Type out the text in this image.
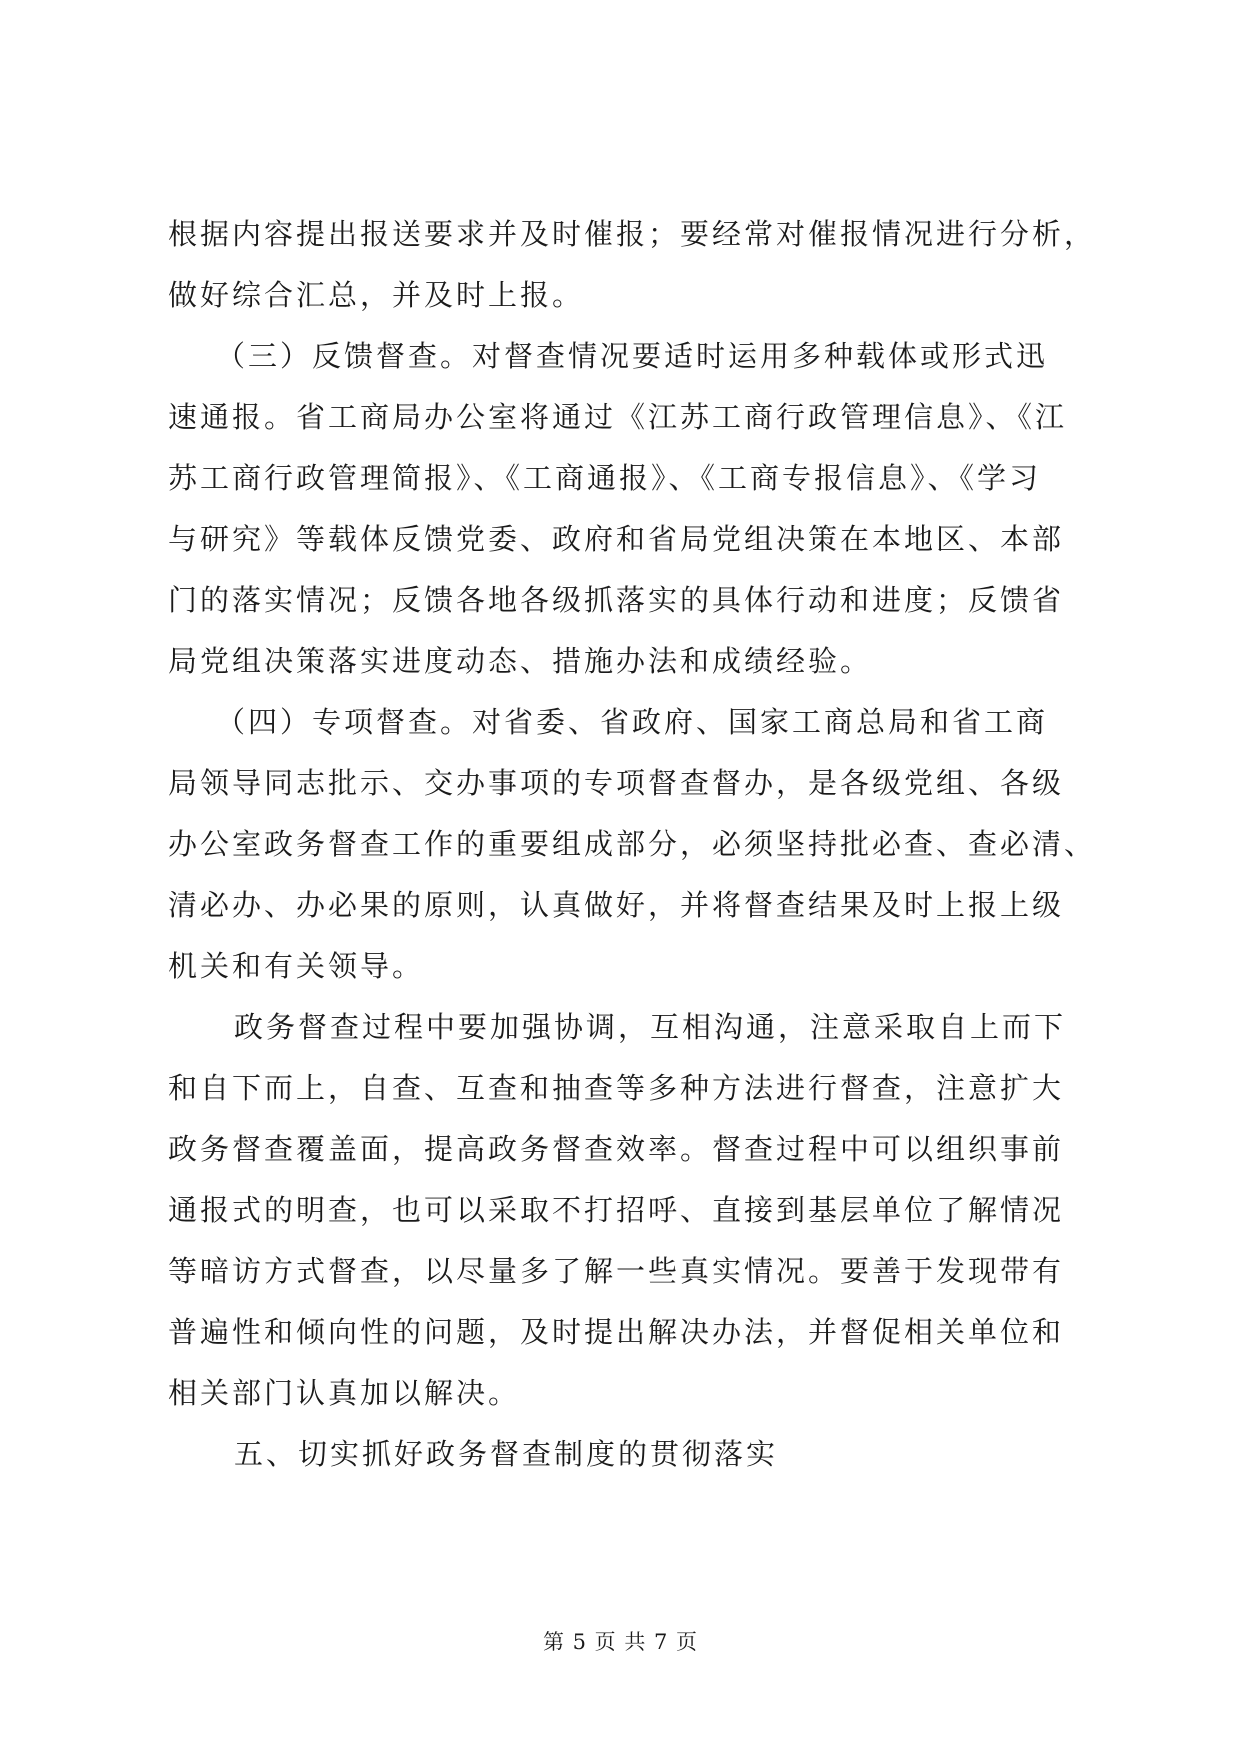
根据内容提出报送要求并及时催报；要经常对催报情况进行分析，
做好综合汇总，并及时上报。

（三）反馈督查。对督查情况要适时运用多种载体或形式迅
速通报。省工商局办公室将通过《江苏工商行政管理信息》、《江
苏工商行政管理简报》、《工商通报》、《工商专报信息》、《学习
与研究》等载体反馈党委、政府和省局党组决策在本地区、本部
门的落实情况；反馈各地各级抓落实的具体行动和进度；反馈省
局党组决策落实进度动态、措施办法和成绩经验。

（四）专项督查。对省委、省政府、国家工商总局和省工商
局领导同志批示、交办事项的专项督查督办，是各级党组、各级
办公室政务督查工作的重要组成部分，必须坚持批必查、查必清、
清必办、办必果的原则，认真做好，并将督查结果及时上报上级
机关和有关领导。

政务督查过程中要加强协调，互相沟通，注意采取自上而下
和自下而上，自查、互查和抽查等多种方法进行督查，注意扩大
政务督查覆盖面，提高政务督查效率。督查过程中可以组织事前
通报式的明查，也可以采取不打招呼、直接到基层单位了解情况
等暗访方式督查，以尽量多了解一些真实情况。要善于发现带有
普遍性和倾向性的问题，及时提出解决办法，并督促相关单位和
相关部门认真加以解决。

五、切实抓好政务督查制度的贯彻落实

第 5 页 共 7 页
